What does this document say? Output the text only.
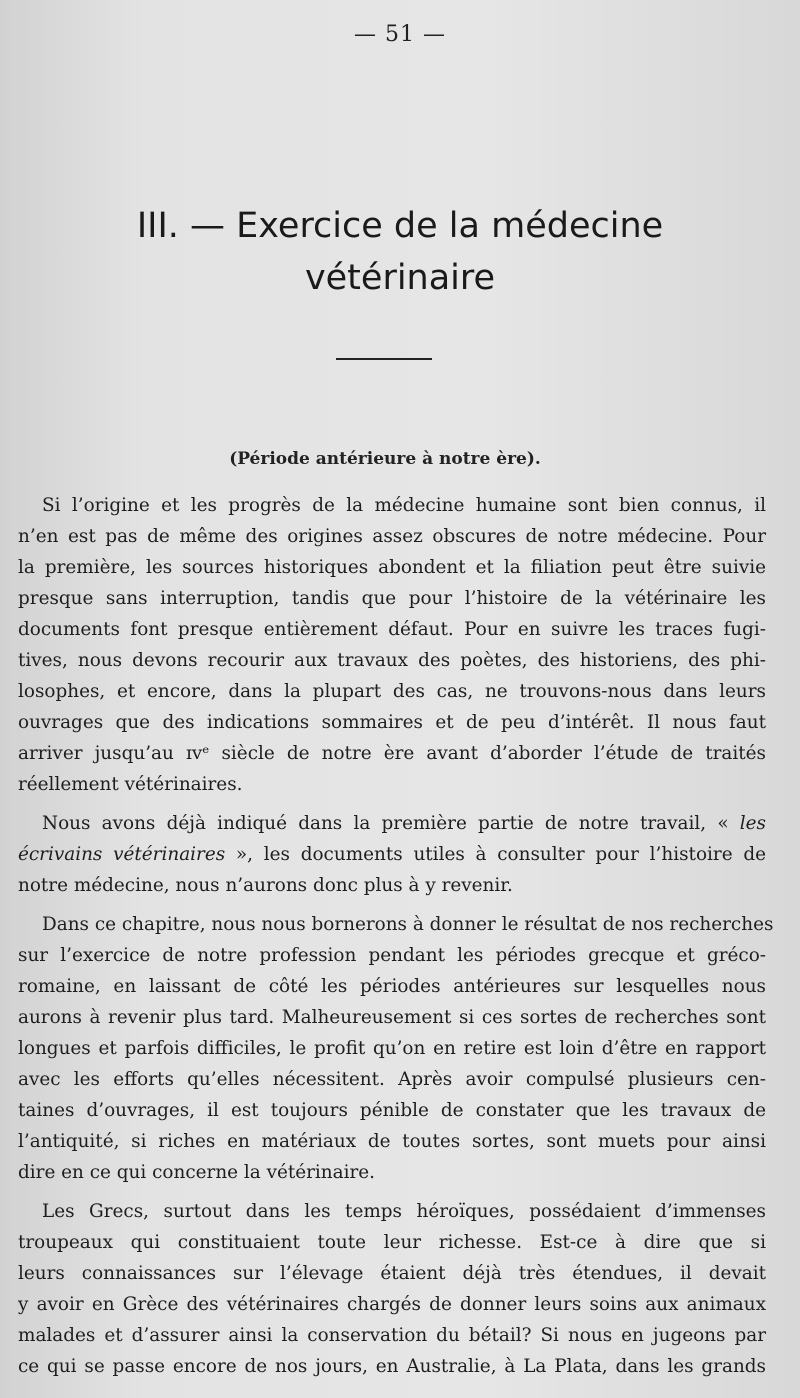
— 51 —
III. — Exercice de la médecine
vétérinaire
(Période antérieure à notre ère).
Si l’origine et les progrès de la médecine humaine sont bien connus, il
n’en est pas de même des origines assez obscures de notre médecine. Pour
la première, les sources historiques abondent et la filiation peut être suivie
presque sans interruption, tandis que pour l’histoire de la vétérinaire les
documents font presque entièrement défaut. Pour en suivre les traces fugi-
tives, nous devons recourir aux travaux des poètes, des historiens, des phi-
losophes, et encore, dans la plupart des cas, ne trouvons-nous dans leurs
ouvrages que des indications sommaires et de peu d’intérêt. Il nous faut
arriver jusqu’au ɪvᵉ siècle de notre ère avant d’aborder l’étude de traités
réellement vétérinaires.
Nous avons déjà indiqué dans la première partie de notre travail, « les
écrivains vétérinaires », les documents utiles à consulter pour l’histoire de
notre médecine, nous n’aurons donc plus à y revenir.
Dans ce chapitre, nous nous bornerons à donner le résultat de nos recherches
sur l’exercice de notre profession pendant les périodes grecque et gréco-
romaine, en laissant de côté les périodes antérieures sur lesquelles nous
aurons à revenir plus tard. Malheureusement si ces sortes de recherches sont
longues et parfois difficiles, le profit qu’on en retire est loin d’être en rapport
avec les efforts qu’elles nécessitent. Après avoir compulsé plusieurs cen-
taines d’ouvrages, il est toujours pénible de constater que les travaux de
l’antiquité, si riches en matériaux de toutes sortes, sont muets pour ainsi
dire en ce qui concerne la vétérinaire.
Les Grecs, surtout dans les temps héroïques, possédaient d’immenses
troupeaux qui constituaient toute leur richesse. Est-ce à dire que si
leurs connaissances sur l’élevage étaient déjà très étendues, il devait
y avoir en Grèce des vétérinaires chargés de donner leurs soins aux animaux
malades et d’assurer ainsi la conservation du bétail? Si nous en jugeons par
ce qui se passe encore de nos jours, en Australie, à La Plata, dans les grands
